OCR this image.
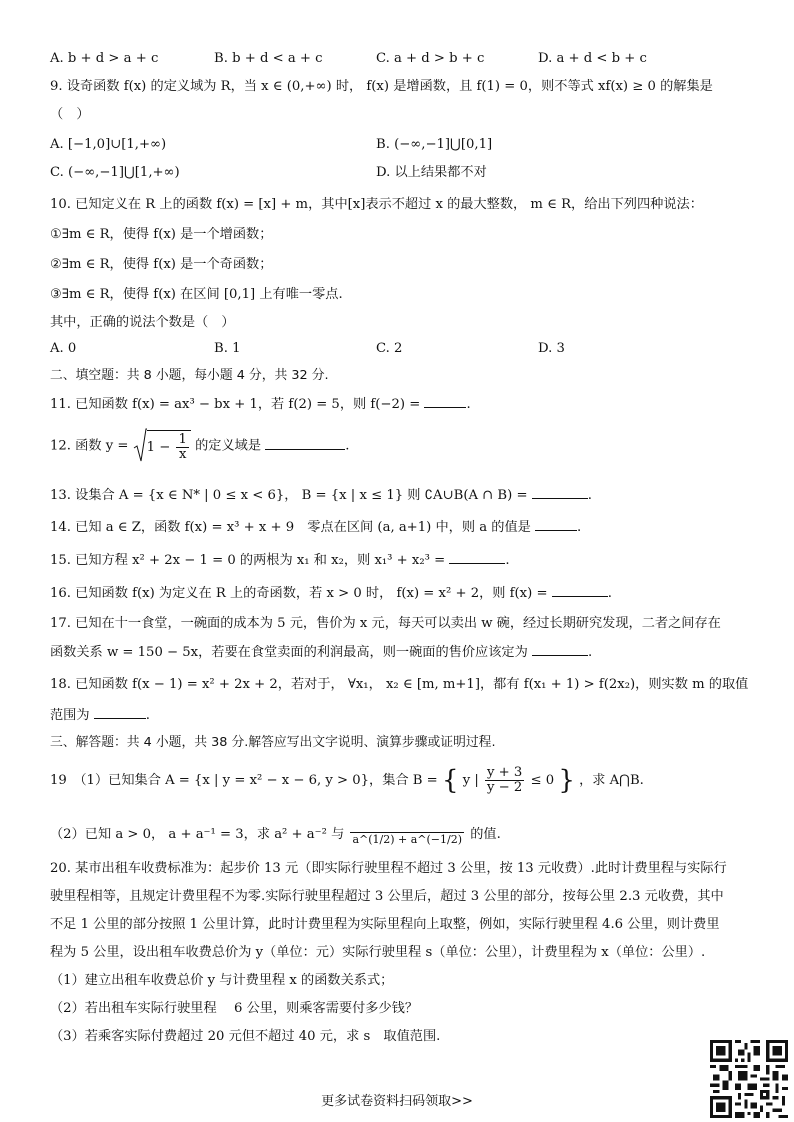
A. b + d > a + c	B. b + d < a + c	C. a + d > b + c	D. a + d < b + c
9. 设奇函数 f(x) 的定义域为 R，当 x ∈ (0,+∞) 时， f(x) 是增函数，且 f(1) = 0，则不等式 xf(x) ≥ 0 的解集是
（　）
A. [−1,0]∪[1,+∞)	B. (−∞,−1]⋃[0,1]
C. (−∞,−1]⋃[1,+∞)	D. 以上结果都不对
10. 已知定义在 R 上的函数 f(x) = [x] + m，其中[x]表示不超过 x 的最大整数， m ∈ R，给出下列四种说法：
①∃m ∈ R，使得 f(x) 是一个增函数；
②∃m ∈ R，使得 f(x) 是一个奇函数；
③∃m ∈ R，使得 f(x) 在区间 [0,1] 上有唯一零点.
其中，正确的说法个数是（　）
A. 0	B. 1	C. 2	D. 3
二、填空题：共 8 小题，每小题 4 分，共 32 分.
11. 已知函数 f(x) = ax³ − bx + 1，若 f(2) = 5，则 f(−2) =	.
12. 函数 $y = 1 - \frac{1}{x}$ 的定义域是	.
13. 设集合 A = {x ∈ N* | 0 ≤ x < 6}， B = {x | x ≤ 1} 则 ∁A∪B(A ∩ B) =	.
14. 已知 a ∈ Z，函数 f(x) = x³ + x + 9　零点在区间 (a, a+1) 中，则 a 的值是	.
15. 已知方程 x² + 2x − 1 = 0 的两根为 x₁ 和 x₂，则 x₁³ + x₂³ =	.
16. 已知函数 f(x) 为定义在 R 上的奇函数，若 x > 0 时， f(x) = x² + 2，则 f(x) =	.
17. 已知在十一食堂，一碗面的成本为 5 元，售价为 x 元，每天可以卖出 w 碗，经过长期研究发现，二者之间存在
函数关系 w = 150 − 5x，若要在食堂卖面的利润最高，则一碗面的售价应该定为	.
18. 已知函数 f(x − 1) = x² + 2x + 2，若对于， ∀x₁， x₂ ∈ [m, m+1]，都有 f(x₁ + 1) > f(2x₂)，则实数 m 的取值
范围为	.
三、解答题：共 4 小题，共 38 分.解答应写出文字说明、演算步骤或证明过程.
19　（1）已知集合 A = {x | y = x² − x − 6, y > 0}，集合 B = { y | $\frac{y + 3}{y - 2} \le 0$ } ，求 A⋂B.
（2）已知 a > 0， a + a⁻¹ = 3，求 a² + a⁻² 与
a^(1/2) + a^(−1/2) 的值.
20. 某市出租车收费标准为：起步价 13 元（即实际行驶里程不超过 3 公里，按 13 元收费）.此时计费里程与实际行
驶里程相等，且规定计费里程不为零.实际行驶里程超过 3 公里后，超过 3 公里的部分，按每公里 2.3 元收费，其中
不足 1 公里的部分按照 1 公里计算，此时计费里程为实际里程向上取整，例如，实际行驶里程 4.6 公里，则计费里
程为 5 公里，设出租车收费总价为 y（单位：元）实际行驶里程 s（单位：公里），计费里程为 x（单位：公里）.
（1）建立出租车收费总价 y 与计费里程 x 的函数关系式；
（2）若出租车实际行驶里程　 6 公里，则乘客需要付多少钱？
（3）若乘客实际付费超过 20 元但不超过 40 元，求 s　取值范围.
更多试卷资料扫码领取>>
